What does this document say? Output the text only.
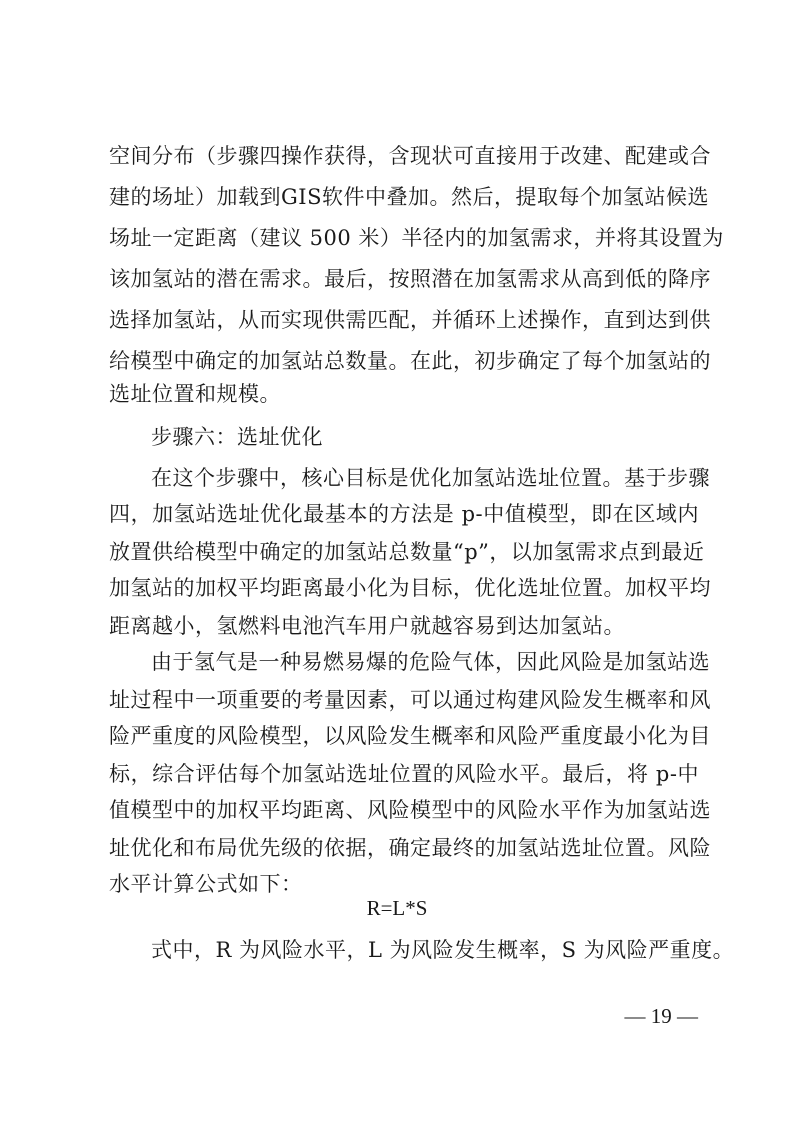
空间分布（步骤四操作获得，含现状可直接用于改建、配建或合
建的场址）加载到GIS软件中叠加。然后，提取每个加氢站候选
场址一定距离（建议 500 米）半径内的加氢需求，并将其设置为
该加氢站的潜在需求。最后，按照潜在加氢需求从高到低的降序
选择加氢站，从而实现供需匹配，并循环上述操作，直到达到供
给模型中确定的加氢站总数量。在此，初步确定了每个加氢站的
选址位置和规模。
步骤六：选址优化
在这个步骤中，核心目标是优化加氢站选址位置。基于步骤
四，加氢站选址优化最基本的方法是 p-中值模型，即在区域内
放置供给模型中确定的加氢站总数量“p”，以加氢需求点到最近
加氢站的加权平均距离最小化为目标，优化选址位置。加权平均
距离越小，氢燃料电池汽车用户就越容易到达加氢站。
由于氢气是一种易燃易爆的危险气体，因此风险是加氢站选
址过程中一项重要的考量因素，可以通过构建风险发生概率和风
险严重度的风险模型，以风险发生概率和风险严重度最小化为目
标，综合评估每个加氢站选址位置的风险水平。最后，将 p-中
值模型中的加权平均距离、风险模型中的风险水平作为加氢站选
址优化和布局优先级的依据，确定最终的加氢站选址位置。风险
水平计算公式如下：
R=L*S
式中，R 为风险水平，L 为风险发生概率，S 为风险严重度。
— 19 —
